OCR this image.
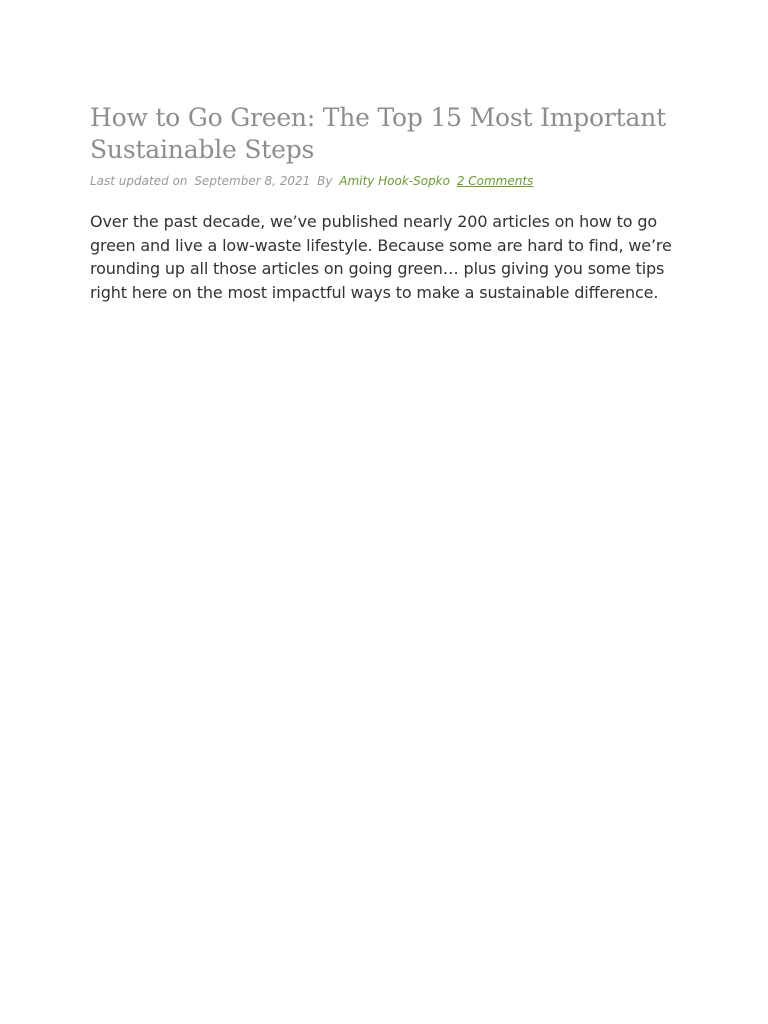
How to Go Green: The Top 15 Most Important Sustainable Steps
Last updated on September 8, 2021 By Amity Hook-Sopko 2 Comments

Over the past decade, we’ve published nearly 200 articles on how to go green and live a low-waste lifestyle. Because some are hard to find, we’re rounding up all those articles on going green… plus giving you some tips right here on the most impactful ways to make a sustainable difference.
